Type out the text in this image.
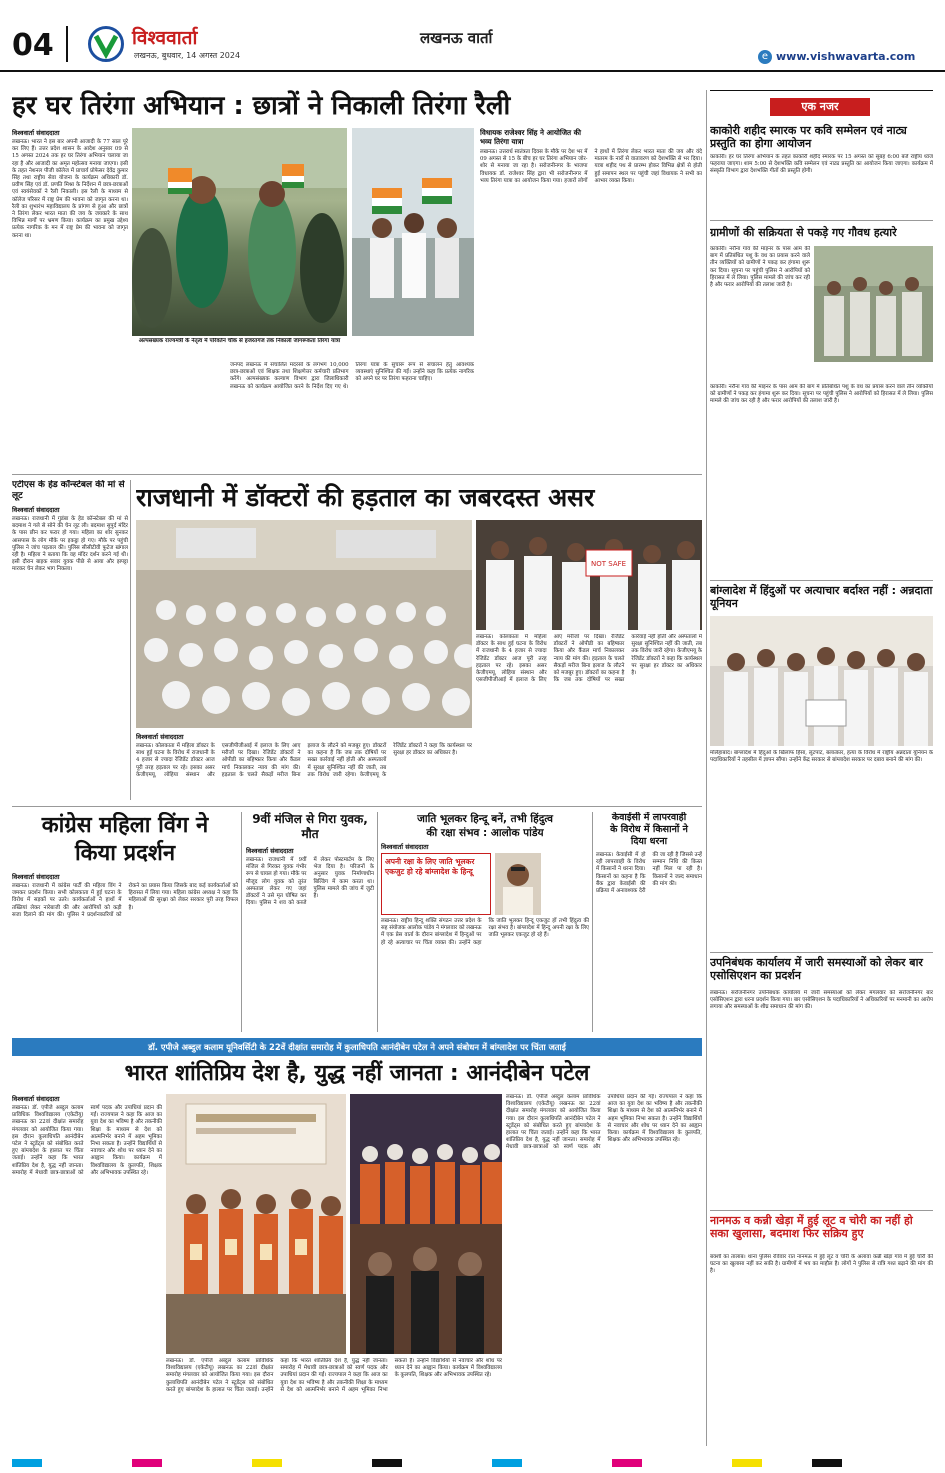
04	विश्ववार्ता
लखनऊ, बुधवार, 14 अगस्त 2024
लखनऊ वार्ता
e www.vishwavarta.com
हर घर तिरंगा अभियान : छात्रों ने निकाली तिरंगा रैली
विश्ववार्ता संवाददाता
लखनऊ। भारत ने इस बार अपनी आजादी के 77 साल पूरे कर लिए हैं। उत्तर प्रदेश शासन के आदेश अनुसार 09 से 15 अगस्त 2024 तक हर घर तिरंगा अभियान चलाया जा रहा है और आजादी का अमृत महोत्सव मनाया जाएगा। इसी के तहत नेशनल पीजी कॉलेज में प्राचार्य प्रोफेसर देवेंद्र कुमार सिंह तथा राष्ट्रीय सेवा योजना के कार्यक्रम अधिकारी डॉ. प्रवीण सिंह एवं डॉ. प्रणति मिश्रा के निर्देशन में छात्र-छात्राओं एवं स्वयंसेवकों ने रैली निकाली। इस रैली के माध्यम से कॉलेज परिसर में राष्ट्र प्रेम की भावना को जागृत करना था। रैली का शुभारंभ महाविद्यालय के प्रांगण से हुआ और छात्रों ने तिरंगा लेकर भारत माता की जय के जयकारे के साथ विभिन्न मार्गों पर भ्रमण किया। कार्यक्रम का प्रमुख उद्देश्य प्रत्येक नागरिक के मन में राष्ट्र प्रेम की भावना को जागृत करना था।
अल्पसंख्यक राज्यमंत्री के नेतृत्व में परिवर्तन चौक से हजरतगंज तक निकाली जागरूकता तिरंगा यात्रा
जनपद लखनऊ में संचालित मदरसों के लगभग 10,000 छात्र-छात्राओं एवं शिक्षक तथा शिक्षणेत्तर कर्मचारी प्रतिभाग करेंगे। अल्पसंख्यक कल्याण विभाग द्वारा जिलाधिकारी लखनऊ को कार्यक्रम आयोजित करने के निर्देश दिए गए थे। तिरंगा यात्रा के सुचारू रूप से संचालन हेतु आवश्यक व्यवस्थाएं सुनिश्चित की गईं। उन्होंने कहा कि प्रत्येक नागरिक को अपने घर पर तिरंगा फहराना चाहिए।
विधायक राजेश्वर सिंह ने आयोजित की भव्य तिरंगा यात्रा
लखनऊ। उत्तरार्ध स्वतंत्रता दिवस के मौके पर देश भर में 09 अगस्त से 15 के बीच हर घर तिरंगा अभियान जोर-शोर से मनाया जा रहा है। सरोजनीनगर के भाजपा विधायक डॉ. राजेश्वर सिंह द्वारा भी सरोजनीनगर में भव्य तिरंगा यात्रा का आयोजन किया गया। हजारों लोगों ने हाथों में तिरंगा लेकर भारत माता की जय और वंदे मातरम के नारों से वातावरण को देशभक्ति से भर दिया। यात्रा शहीद पथ से प्रारम्भ होकर विभिन्न क्षेत्रों से होती हुई समापन स्थल पर पहुंची जहां विधायक ने सभी का आभार व्यक्त किया।
एटीएस के हेड कॉन्स्टेबल की मां से लूट
विश्ववार्ता संवाददाता
लखनऊ। राजधानी में गुडंबा के हेड कॉन्स्टेबल की मां से बदमाश ने गले से सोने की चेन लूट ली। बदमाश सुपुर्द मंदिर के पास छीन कर फरार हो गया। महिला का शोर सुनकर आसपास के लोग मौके पर इकट्ठा हो गए। मौके पर पहुंची पुलिस ने जांच पड़ताल की। पुलिस सीसीटीवी फुटेज खंगाल रही है। महिला ने बताया कि वह मंदिर दर्शन करने गई थी। इसी दौरान बाइक सवार युवक पीछे से आया और झपट्टा मारकर चेन लेकर भाग निकला।
राजधानी में डॉक्टरों की हड़ताल का जबरदस्त असर
NOT SAFE
लखनऊ। कोलकाता में महिला डॉक्टर के साथ हुई घटना के विरोध में राजधानी के 4 हजार से ज्यादा रेजिडेंट डॉक्टर आज पूरी तरह हड़ताल पर रहे। इसका असर केजीएमयू, लोहिया संस्थान और एसजीपीजीआई में इलाज के लिए आए मरीजों पर दिखा। रेजिडेंट डॉक्टरों ने ओपीडी का बहिष्कार किया और कैंडल मार्च निकालकर न्याय की मांग की। हड़ताल के चलते सैकड़ों मरीज बिना इलाज के लौटने को मजबूर हुए। डॉक्टरों का कहना है कि जब तक दोषियों पर सख्त कार्रवाई नहीं होती और अस्पतालों में सुरक्षा सुनिश्चित नहीं की जाती, तब तक विरोध जारी रहेगा। केजीएमयू के रेजिडेंट डॉक्टरों ने कहा कि कार्यस्थल पर सुरक्षा हर डॉक्टर का अधिकार है।
विश्ववार्ता संवाददाता
लखनऊ। कोलकाता में महिला डॉक्टर के साथ हुई घटना के विरोध में राजधानी के 4 हजार से ज्यादा रेजिडेंट डॉक्टर आज पूरी तरह हड़ताल पर रहे। इसका असर केजीएमयू, लोहिया संस्थान और एसजीपीजीआई में इलाज के लिए आए मरीजों पर दिखा। रेजिडेंट डॉक्टरों ने ओपीडी का बहिष्कार किया और कैंडल मार्च निकालकर न्याय की मांग की। हड़ताल के चलते सैकड़ों मरीज बिना इलाज के लौटने को मजबूर हुए। डॉक्टरों का कहना है कि जब तक दोषियों पर सख्त कार्रवाई नहीं होती और अस्पतालों में सुरक्षा सुनिश्चित नहीं की जाती, तब तक विरोध जारी रहेगा। केजीएमयू के रेजिडेंट डॉक्टरों ने कहा कि कार्यस्थल पर सुरक्षा हर डॉक्टर का अधिकार है।
कांग्रेस महिला विंग ने
किया प्रदर्शन
विश्ववार्ता संवाददाता
लखनऊ। राजधानी में कांग्रेस पार्टी की महिला विंग ने जमकर प्रदर्शन किया। सभी कोलकाता में हुई घटना के विरोध में सड़कों पर उतरे। कार्यकर्ताओं ने हाथों में तख्तियां लेकर नारेबाजी की और आरोपियों को कड़ी सजा दिलाने की मांग की। पुलिस ने प्रदर्शनकारियों को रोकने का प्रयास किया जिसके बाद कई कार्यकर्ताओं को हिरासत में लिया गया। महिला कांग्रेस अध्यक्ष ने कहा कि महिलाओं की सुरक्षा को लेकर सरकार पूरी तरह विफल है।
9वीं मंजिल से गिरा युवक, मौत
विश्ववार्ता संवाददाता
लखनऊ। राजधानी में 9वीं मंजिल से गिरकर युवक गंभीर रूप से घायल हो गया। मौके पर मौजूद लोग युवक को तुरंत अस्पताल लेकर गए जहां डॉक्टरों ने उसे मृत घोषित कर दिया। पुलिस ने शव को कब्जे में लेकर पोस्टमार्टम के लिए भेज दिया है। परिजनों के अनुसार युवक निर्माणाधीन बिल्डिंग में काम करता था। पुलिस मामले की जांच में जुटी है।
जाति भूलकर हिन्दू बनें, तभी हिंदुत्व
की रक्षा संभव : आलोक पांडेय
विश्ववार्ता संवाददाता
अपनी रक्षा के लिए जाति भूलकर एकजुट हो रहे बांग्लादेश के हिन्दू
लखनऊ। राष्ट्रीय हिन्दू शक्ति संगठन उत्तर प्रदेश के सह संयोजक आलोक पांडेय ने मंगलवार को लखनऊ में एक प्रेस वार्ता के दौरान बांग्लादेश में हिन्दुओं पर हो रहे अत्याचार पर चिंता व्यक्त की। उन्होंने कहा कि जाति भूलकर हिन्दू एकजुट हों तभी हिंदुत्व की रक्षा संभव है। बांग्लादेश में हिन्दू अपनी रक्षा के लिए जाति भूलकर एकजुट हो रहे हैं।
केवाईसी में लापरवाही
के विरोध में किसानों ने
दिया धरना
लखनऊ। केवाईसी में हो रही लापरवाही के विरोध में किसानों ने धरना दिया। किसानों का कहना है कि बैंक द्वारा केवाईसी की प्रक्रिया में अनावश्यक देरी की जा रही है जिससे उन्हें सम्मान निधि की किस्त नहीं मिल पा रही है। किसानों ने जल्द समाधान की मांग की।
डॉ. एपीजे अब्दुल कलाम यूनिवर्सिटी के 22वें दीक्षांत समारोह में कुलाधिपति आनंदीबेन पटेल ने अपने संबोधन में बांग्लादेश पर चिंता जताई
भारत शांतिप्रिय देश है, युद्ध नहीं जानता : आनंदीबेन पटेल
विश्ववार्ता संवाददाता
लखनऊ। डॉ. एपीजे अब्दुल कलाम प्राविधिक विश्वविद्यालय (एकेटीयू) लखनऊ का 22वां दीक्षांत समारोह मंगलवार को आयोजित किया गया। इस दौरान कुलाधिपति आनंदीबेन पटेल ने स्टूडेंट्स को संबोधित करते हुए बांग्लादेश के हालात पर चिंता जताई। उन्होंने कहा कि भारत शांतिप्रिय देश है, युद्ध नहीं जानता। समारोह में मेधावी छात्र-छात्राओं को स्वर्ण पदक और उपाधियां प्रदान की गईं। राज्यपाल ने कहा कि आज का युवा देश का भविष्य है और तकनीकी शिक्षा के माध्यम से देश को आत्मनिर्भर बनाने में अहम भूमिका निभा सकता है। उन्होंने विद्यार्थियों से नवाचार और शोध पर ध्यान देने का आह्वान किया। कार्यक्रम में विश्वविद्यालय के कुलपति, शिक्षक और अभिभावक उपस्थित रहे।
लखनऊ। डॉ. एपीजे अब्दुल कलाम प्राविधिक विश्वविद्यालय (एकेटीयू) लखनऊ का 22वां दीक्षांत समारोह मंगलवार को आयोजित किया गया। इस दौरान कुलाधिपति आनंदीबेन पटेल ने स्टूडेंट्स को संबोधित करते हुए बांग्लादेश के हालात पर चिंता जताई। उन्होंने कहा कि भारत शांतिप्रिय देश है, युद्ध नहीं जानता। समारोह में मेधावी छात्र-छात्राओं को स्वर्ण पदक और उपाधियां प्रदान की गईं। राज्यपाल ने कहा कि आज का युवा देश का भविष्य है और तकनीकी शिक्षा के माध्यम से देश को आत्मनिर्भर बनाने में अहम भूमिका निभा सकता है। उन्होंने विद्यार्थियों से नवाचार और शोध पर ध्यान देने का आह्वान किया। कार्यक्रम में विश्वविद्यालय के कुलपति, शिक्षक और अभिभावक उपस्थित रहे।
लखनऊ। डॉ. एपीजे अब्दुल कलाम प्राविधिक विश्वविद्यालय (एकेटीयू) लखनऊ का 22वां दीक्षांत समारोह मंगलवार को आयोजित किया गया। इस दौरान कुलाधिपति आनंदीबेन पटेल ने स्टूडेंट्स को संबोधित करते हुए बांग्लादेश के हालात पर चिंता जताई। उन्होंने कहा कि भारत शांतिप्रिय देश है, युद्ध नहीं जानता। समारोह में मेधावी छात्र-छात्राओं को स्वर्ण पदक और उपाधियां प्रदान की गईं। राज्यपाल ने कहा कि आज का युवा देश का भविष्य है और तकनीकी शिक्षा के माध्यम से देश को आत्मनिर्भर बनाने में अहम भूमिका निभा सकता है। उन्होंने विद्यार्थियों से नवाचार और शोध पर ध्यान देने का आह्वान किया। कार्यक्रम में विश्वविद्यालय के कुलपति, शिक्षक और अभिभावक उपस्थित रहे।
एक नजर
काकोरी शहीद स्मारक पर कवि सम्मेलन एवं नाट्य प्रस्तुति का होगा आयोजन
काकोरी। हर घर तिरंगा अभियान के तहत काकोरी शहीद स्मारक पर 15 अगस्त को सुबह 6:00 बजे राष्ट्रीय ध्वज फहराया जाएगा। शाम 5:00 से देशभक्ति कवि सम्मेलन एवं नाट्य प्रस्तुति का आयोजन किया जाएगा। कार्यक्रम में संस्कृति विभाग द्वारा देशभक्ति गीतों की प्रस्तुति होगी।
ग्रामीणों की सक्रियता से पकड़े गए गौवध हत्यारे
काकोरी। नरौना गांव की माइनर के पास आम की बाग में प्रतिबंधित पशु के वध का प्रयास करने वाले तीन व्यक्तियों को ग्रामीणों ने पकड़ कर हंगामा शुरू कर दिया। सूचना पर पहुंची पुलिस ने आरोपियों को हिरासत में ले लिया। पुलिस मामले की जांच कर रही है और फरार आरोपियों की तलाश जारी है।
काकोरी। नरौना गांव की माइनर के पास आम की बाग में प्रतिबंधित पशु के वध का प्रयास करने वाले तीन व्यक्तियों को ग्रामीणों ने पकड़ कर हंगामा शुरू कर दिया। सूचना पर पहुंची पुलिस ने आरोपियों को हिरासत में ले लिया। पुलिस मामले की जांच कर रही है और फरार आरोपियों की तलाश जारी है।
बांग्लादेश में हिंदुओं पर अत्याचार बर्दाश्त नहीं : अन्नदाता यूनियन
मलिहाबाद। बांग्लादेश में हिंदुओं के खिलाफ हिंसा, लूटपाट, बलात्कार, हत्या के विरोध में राष्ट्रीय अन्नदाता यूनियन के पदाधिकारियों ने तहसील में ज्ञापन सौंपा। उन्होंने केंद्र सरकार से बांग्लादेश सरकार पर दबाव बनाने की मांग की।
उपनिबंधक कार्यालय में जारी समस्याओं को लेकर बार एसोसिएशन का प्रदर्शन
लखनऊ। सरोजनीनगर उपनिबंधक कार्यालय में जारी समस्याओं को लेकर मंगलवार को सरोजनीनगर बार एसोसिएशन द्वारा धरना प्रदर्शन किया गया। बार एसोसिएशन के पदाधिकारियों ने अधिकारियों पर मनमानी का आरोप लगाया और समस्याओं के शीघ्र समाधान की मांग की।
नानमऊ व कन्नी खेड़ा में हुई लूट व चोरी का नहीं हो सका खुलासा, बदमाश फिर सक्रिय हुए
बक्शी का तालाब। थाना पुलिस रविवार रात नानमऊ में हुई लूट व चोरी के अलावा कन्नी खेड़ा गांव में हुई चोरी की घटना का खुलासा नहीं कर सकी है। ग्रामीणों में भय का माहौल है। लोगों ने पुलिस से रात्रि गश्त बढ़ाने की मांग की है।
